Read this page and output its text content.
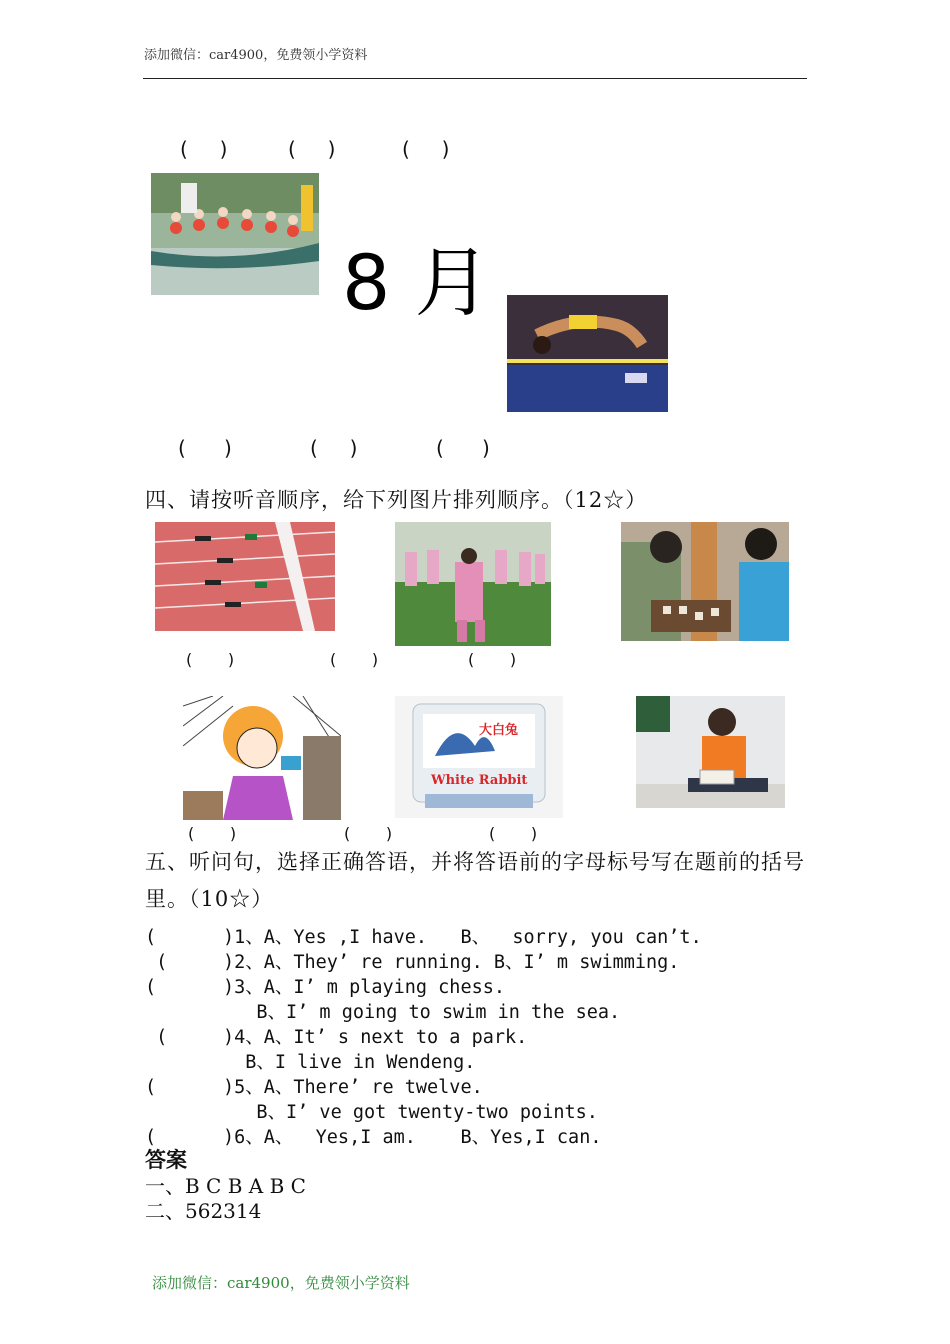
添加微信：car4900，免费领小学资料
(     )	(     )	(     )
8 月
(      )	(     )	(      )
四、请按听音顺序，给下列图片排列顺序。（12☆）
(       )	(       )	(       )
大白兔
White Rabbit
(       )	(       )	(       )
五、听问句，选择正确答语，并将答语前的字母标号写在题前的括号
里。（10☆）
(      )1、A、Yes ,I have.   B、  sorry, you can’t.
(     )2、A、They’ re running. B、I’ m swimming.
(      )3、A、I’ m playing chess.
B、I’ m going to swim in the sea.
(     )4、A、It’ s next to a park.
B、I live in Wendeng.
(      )5、A、There’ re twelve.
B、I’ ve got twenty-two points.
(      )6、A、  Yes,I am.    B、Yes,I can.
答案
一、B C B A B C
二、562314
添加微信：car4900，免费领小学资料
